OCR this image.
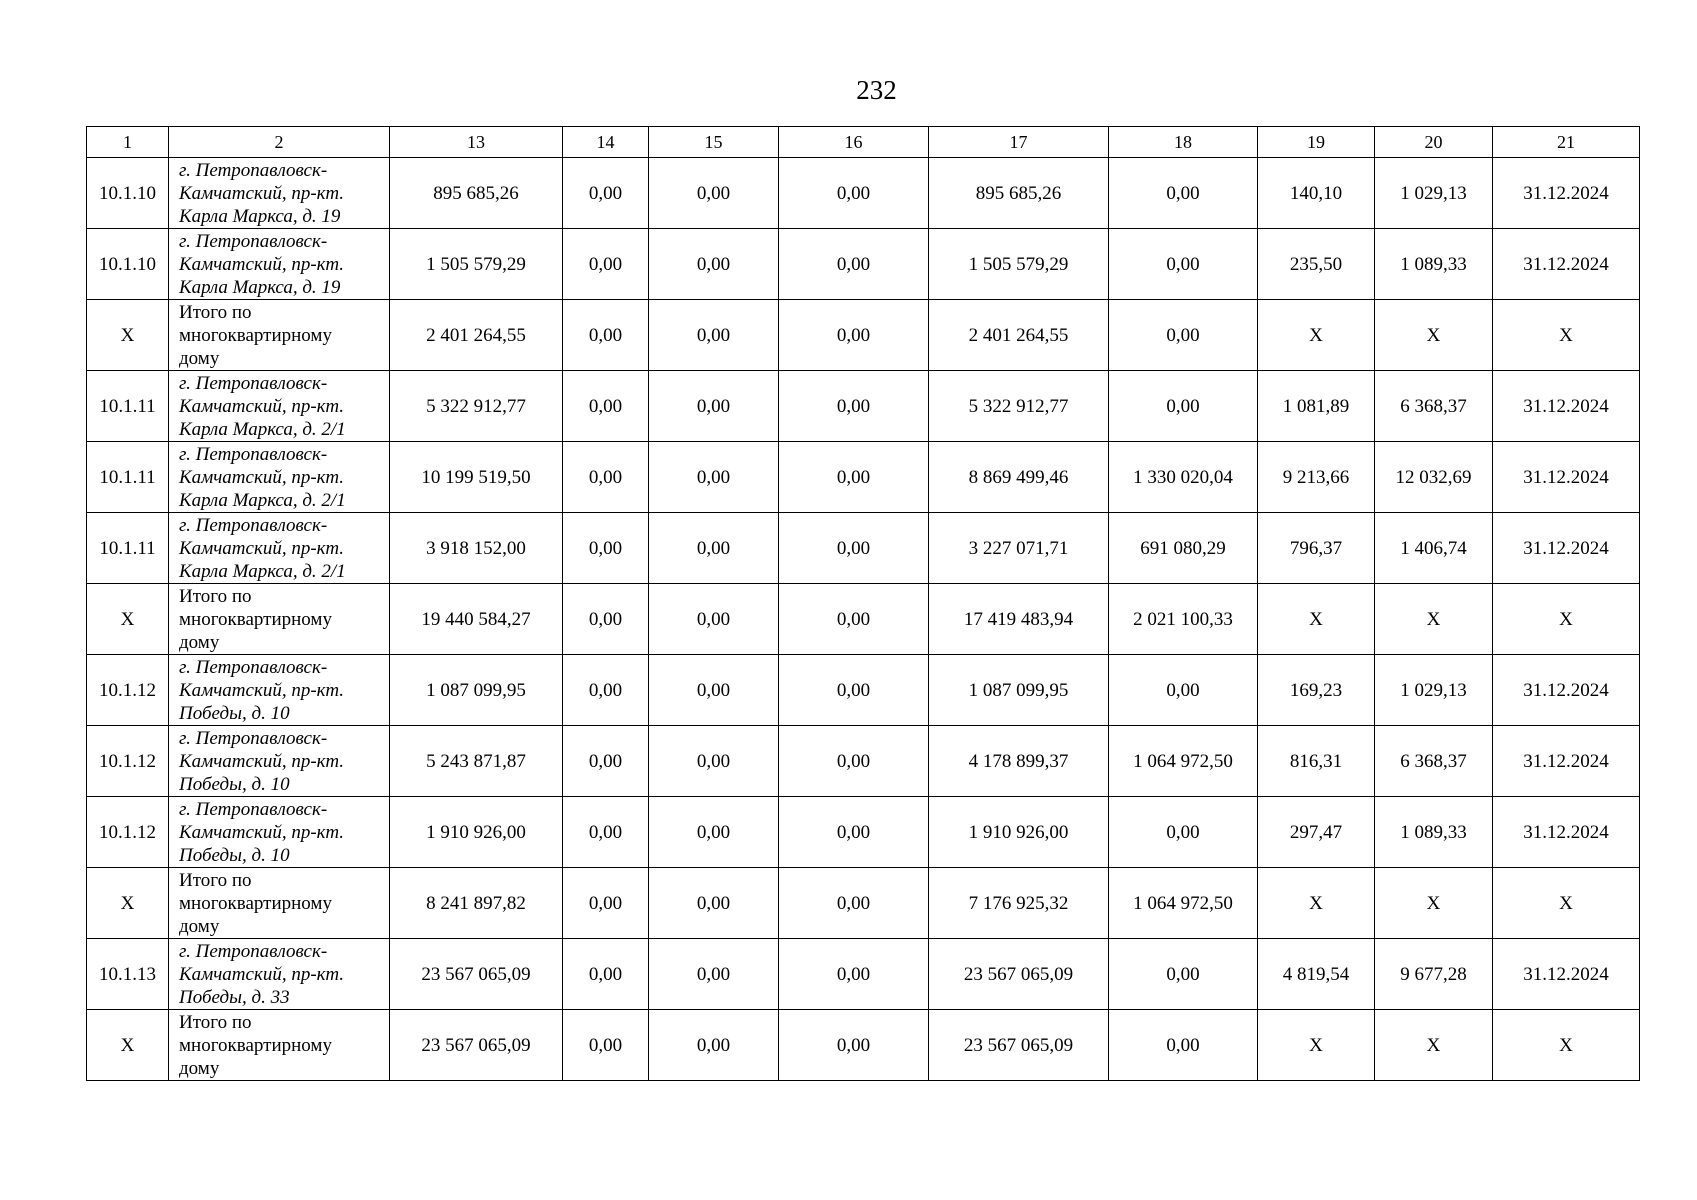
232
1	2	13	14	15	16	17	18	19	20	21
10.1.10	г. Петропавловск-
Камчатский, пр-кт.
Карла Маркса, д. 19	895 685,26	0,00	0,00	0,00	895 685,26	0,00	140,10	1 029,13	31.12.2024
10.1.10	г. Петропавловск-
Камчатский, пр-кт.
Карла Маркса, д. 19	1 505 579,29	0,00	0,00	0,00	1 505 579,29	0,00	235,50	1 089,33	31.12.2024
X	Итого по
многоквартирному
дому	2 401 264,55	0,00	0,00	0,00	2 401 264,55	0,00	X	X	X
10.1.11	г. Петропавловск-
Камчатский, пр-кт.
Карла Маркса, д. 2/1	5 322 912,77	0,00	0,00	0,00	5 322 912,77	0,00	1 081,89	6 368,37	31.12.2024
10.1.11	г. Петропавловск-
Камчатский, пр-кт.
Карла Маркса, д. 2/1	10 199 519,50	0,00	0,00	0,00	8 869 499,46	1 330 020,04	9 213,66	12 032,69	31.12.2024
10.1.11	г. Петропавловск-
Камчатский, пр-кт.
Карла Маркса, д. 2/1	3 918 152,00	0,00	0,00	0,00	3 227 071,71	691 080,29	796,37	1 406,74	31.12.2024
X	Итого по
многоквартирному
дому	19 440 584,27	0,00	0,00	0,00	17 419 483,94	2 021 100,33	X	X	X
10.1.12	г. Петропавловск-
Камчатский, пр-кт.
Победы, д. 10	1 087 099,95	0,00	0,00	0,00	1 087 099,95	0,00	169,23	1 029,13	31.12.2024
10.1.12	г. Петропавловск-
Камчатский, пр-кт.
Победы, д. 10	5 243 871,87	0,00	0,00	0,00	4 178 899,37	1 064 972,50	816,31	6 368,37	31.12.2024
10.1.12	г. Петропавловск-
Камчатский, пр-кт.
Победы, д. 10	1 910 926,00	0,00	0,00	0,00	1 910 926,00	0,00	297,47	1 089,33	31.12.2024
X	Итого по
многоквартирному
дому	8 241 897,82	0,00	0,00	0,00	7 176 925,32	1 064 972,50	X	X	X
10.1.13	г. Петропавловск-
Камчатский, пр-кт.
Победы, д. 33	23 567 065,09	0,00	0,00	0,00	23 567 065,09	0,00	4 819,54	9 677,28	31.12.2024
X	Итого по
многоквартирному
дому	23 567 065,09	0,00	0,00	0,00	23 567 065,09	0,00	X	X	X
